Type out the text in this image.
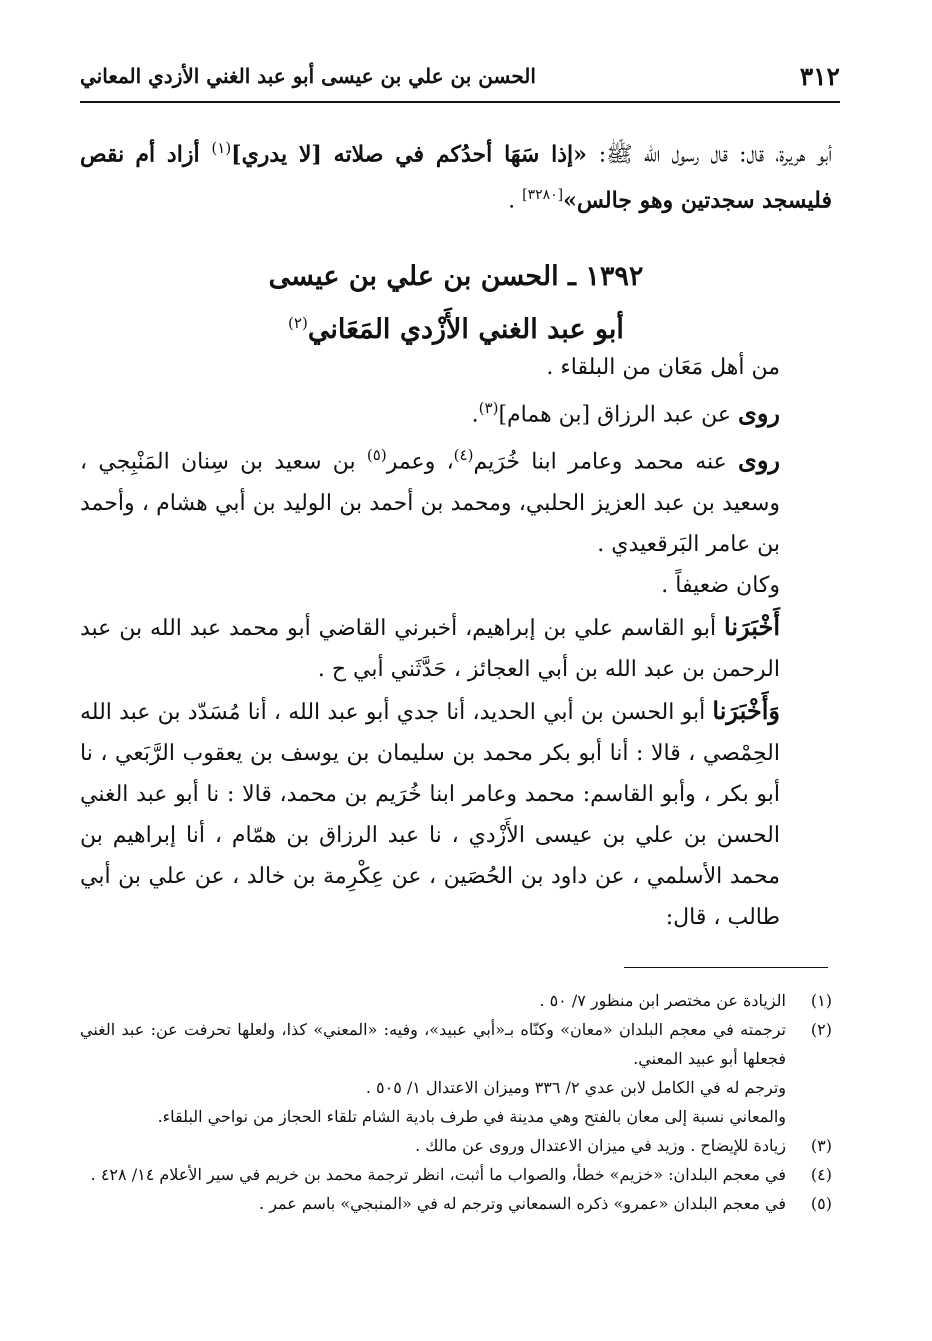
٣١٢
الحسن بن علي بن عيسى أبو عبد الغني الأزدي المعاني

أبو هريرة، قال: قال رسول الله ﷺ: «إذا سَهَا أحدُكم في صلاته [لا يدري]$^{(١)}$ أزاد أم نقص فليسجد سجدتين وهو جالس»[٣٢٨٠] .

١٣٩٢ ـ الحسن بن علي بن عيسى
أبو عبد الغني الأَزْدي المَعَاني$^{(٢)}$

من أهل مَعَان من البلقاء .

روى عن عبد الرزاق [بن همام]$^{(٣)}$.

روى عنه محمد وعامر ابنا خُرَيم$^{(٤)}$، وعمر$^{(٥)}$ بن سعيد بن سِنان المَنْبِجي ، وسعيد بن عبد العزيز الحلبي، ومحمد بن أحمد بن الوليد بن أبي هشام ، وأحمد بن عامر البَرقعيدي .

وكان ضعيفاً .

أَخْبَرَنا أبو القاسم علي بن إبراهيم، أخبرني القاضي أبو محمد عبد الله بن عبد الرحمن بن عبد الله بن أبي العجائز ، حَدَّثَني أبي ح .

وَأَخْبَرَنا أبو الحسن بن أبي الحديد، أنا جدي أبو عبد الله ، أنا مُسَدّد بن عبد الله الحِمْصي ، قالا : أنا أبو بكر محمد بن سليمان بن يوسف بن يعقوب الرَّبَعي ، نا أبو بكر ، وأبو القاسم: محمد وعامر ابنا خُرَيم بن محمد، قالا : نا أبو عبد الغني الحسن بن علي بن عيسى الأَزْدي ، نا عبد الرزاق بن همّام ، أنا إبراهيم بن محمد الأسلمي ، عن داود بن الحُصَين ، عن عِكْرِمة بن خالد ، عن علي بن أبي طالب ، قال:

(١)
الزيادة عن مختصر ابن منظور ٧/ ٥٠ .

(٢)
ترجمته في معجم البلدان «معان» وكنّاه بـ«أبي عبيد»، وفيه: «المعني» كذا، ولعلها تحرفت عن: عبد الغني فجعلها أبو عبيد المعني.

وترجم له في الكامل لابن عدي ٢/ ٣٣٦ وميزان الاعتدال ١/ ٥٠٥ .

والمعاني نسبة إلى معان بالفتح وهي مدينة في طرف بادية الشام تلقاء الحجاز من نواحي البلقاء.

(٣)
زيادة للإيضاح . وزيد في ميزان الاعتدال وروى عن مالك .

(٤)
في معجم البلدان: «خزيم» خطأ، والصواب ما أثبت، انظر ترجمة محمد بن خريم في سير الأعلام ١٤/ ٤٢٨ .

(٥)
في معجم البلدان «عمرو» ذكره السمعاني وترجم له في «المنبجي» باسم عمر .
